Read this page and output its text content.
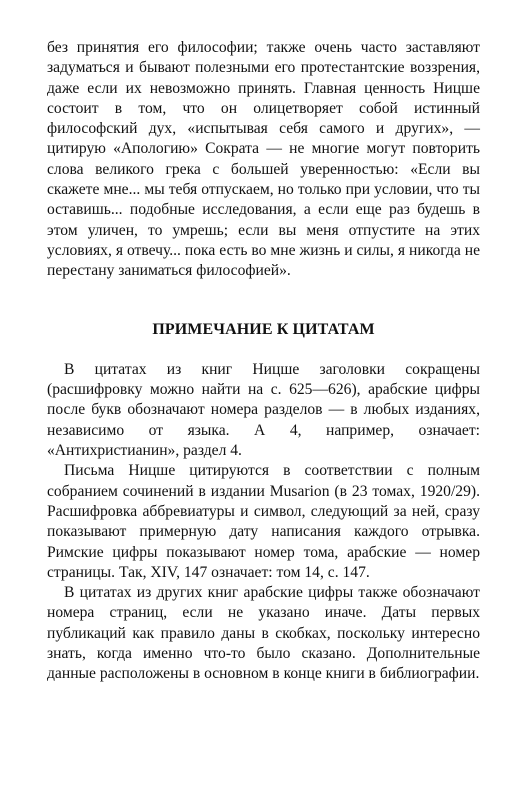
без принятия его философии; также очень часто заставляют задуматься и бывают полезными его протестантские воззрения, даже если их невозможно принять. Главная ценность Ницше состоит в том, что он олицетворяет собой истинный философский дух, «испытывая себя самого и других», — цитирую «Апологию» Сократа — не многие могут повторить слова великого грека с большей уверенностью: «Если вы скажете мне... мы тебя отпускаем, но только при условии, что ты оставишь... подобные исследования, а если еще раз будешь в этом уличен, то умрешь; если вы меня отпустите на этих условиях, я отвечу... пока есть во мне жизнь и силы, я никогда не перестану заниматься философией».

ПРИМЕЧАНИЕ К ЦИТАТАМ

В цитатах из книг Ницше заголовки сокращены (расшифровку можно найти на с. 625—626), арабские цифры после букв обозначают номера разделов — в любых изданиях, независимо от языка. А 4, например, означает: «Антихристианин», раздел 4.

Письма Ницше цитируются в соответствии с полным собранием сочинений в издании Musarion (в 23 томах, 1920/29). Расшифровка аббревиатуры и символ, следующий за ней, сразу показывают примерную дату написания каждого отрывка. Римские цифры показывают номер тома, арабские — номер страницы. Так, XIV, 147 означает: том 14, с. 147.

В цитатах из других книг арабские цифры также обозначают номера страниц, если не указано иначе. Даты первых публикаций как правило даны в скобках, поскольку интересно знать, когда именно что-то было сказано. Дополнительные данные расположены в основном в конце книги в библиографии.
